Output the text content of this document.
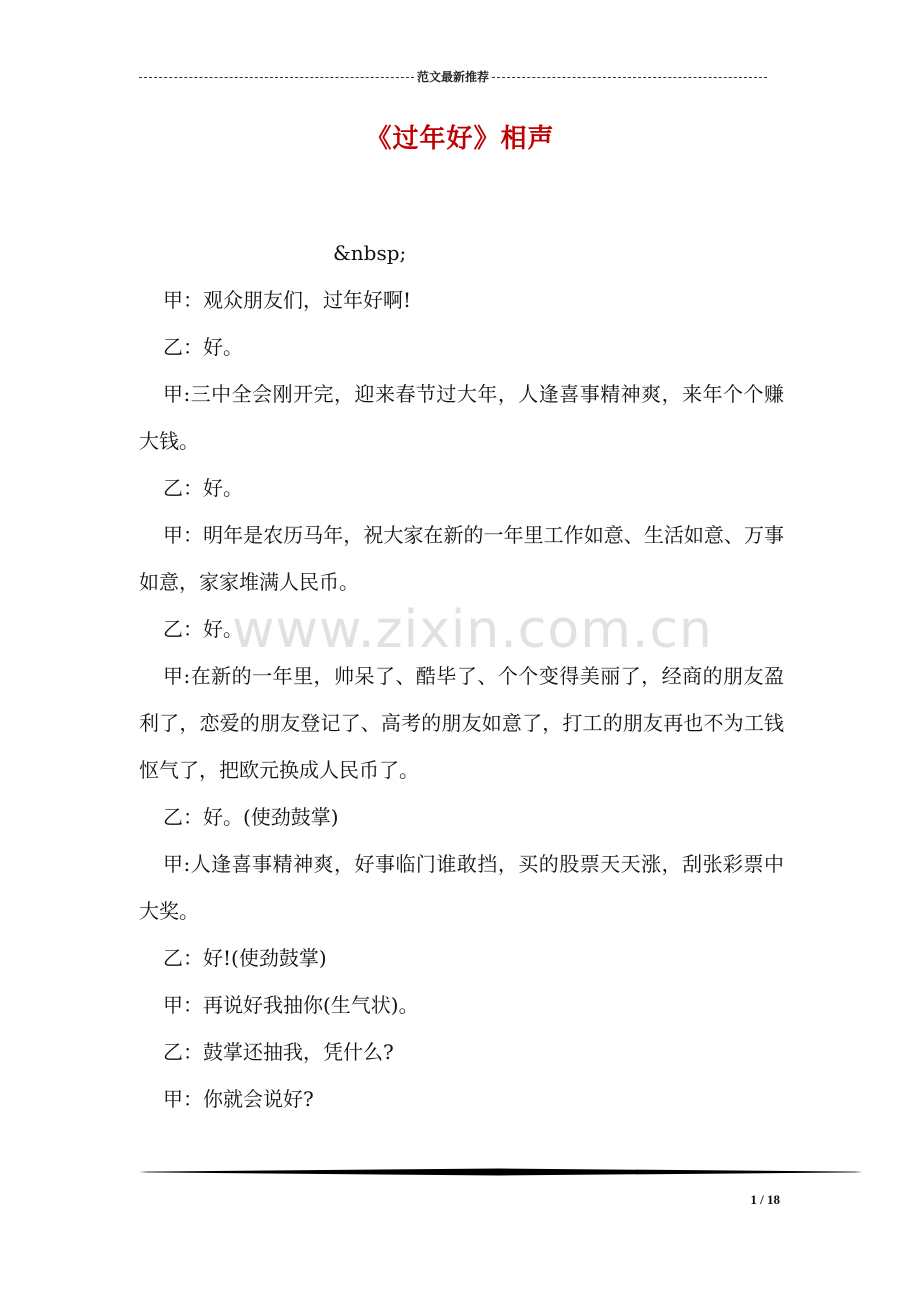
范文最新推荐
《过年好》相声

&nbsp;

甲：观众朋友们，过年好啊!

乙：好。

甲:三中全会刚开完，迎来春节过大年，人逢喜事精神爽，来年个个赚大钱。

乙：好。

甲：明年是农历马年，祝大家在新的一年里工作如意、生活如意、万事如意，家家堆满人民币。

乙：好。

甲:在新的一年里，帅呆了、酷毕了、个个变得美丽了，经商的朋友盈利了，恋爱的朋友登记了、高考的朋友如意了，打工的朋友再也不为工钱怄气了，把欧元换成人民币了。

乙：好。(使劲鼓掌)

甲:人逢喜事精神爽，好事临门谁敢挡，买的股票天天涨，刮张彩票中大奖。

乙：好!(使劲鼓掌)

甲：再说好我抽你(生气状)。

乙：鼓掌还抽我，凭什么?

甲：你就会说好?

www.zixin.com.cn
1 / 18
